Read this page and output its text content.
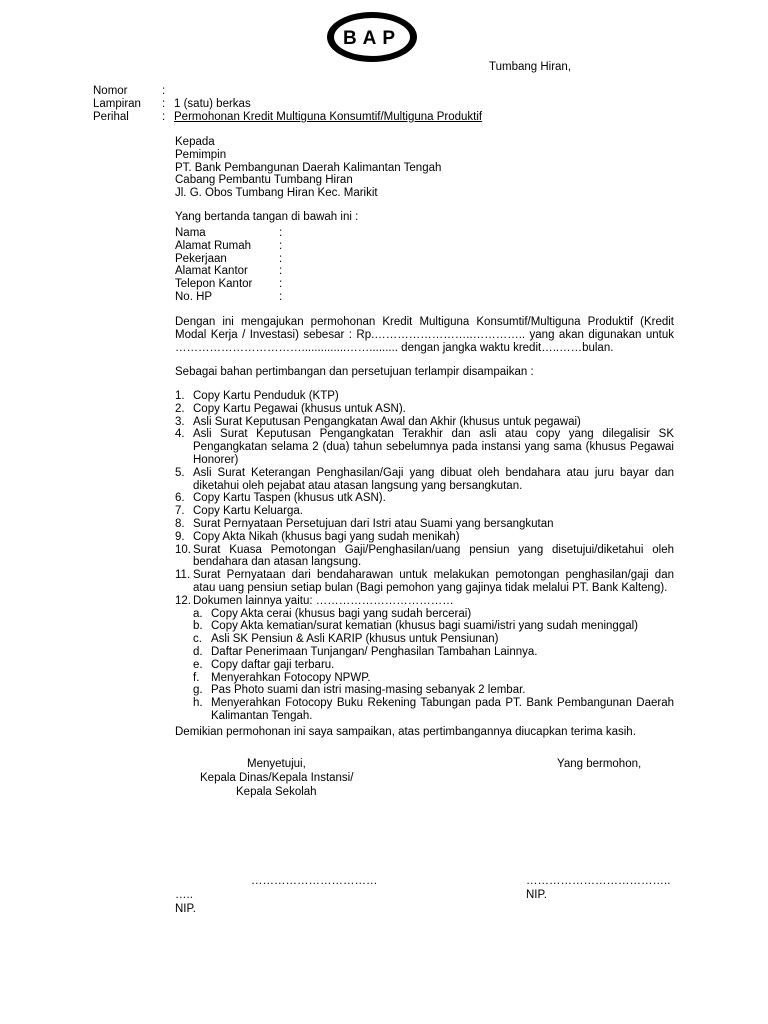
BAP
Tumbang Hiran,
Nomor	:
Lampiran : 1 (satu) berkas
Perihal	: Permohonan Kredit Multiguna Konsumtif/Multiguna Produktif
Kepada
Pemimpin
PT. Bank Pembangunan Daerah Kalimantan Tengah
Cabang Pembantu Tumbang Hiran
Jl. G. Obos Tumbang Hiran Kec. Marikit
Yang bertanda tangan di bawah ini :
Nama	:
Alamat Rumah :
Pekerjaan	:
Alamat Kantor	:
Telepon Kantor :
No. HP	:
Dengan ini mengajukan permohonan Kredit Multiguna Konsumtif/Multiguna Produktif (Kredit Modal Kerja / Investasi) sebesar : Rp.……………………..………….. yang akan digunakan untuk ……………………………..............……......... dengan jangka waktu kredit…..……bulan.
Sebagai bahan pertimbangan dan persetujuan terlampir disampaikan :
1. Copy Kartu Penduduk (KTP)
2. Copy Kartu Pegawai (khusus untuk ASN).
3. Asli Surat Keputusan Pengangkatan Awal dan Akhir (khusus untuk pegawai)
4. Asli Surat Keputusan Pengangkatan Terakhir dan asli atau copy yang dilegalisir SK Pengangkatan selama 2 (dua) tahun sebelumnya pada instansi yang sama (khusus Pegawai Honorer)
5. Asli Surat Keterangan Penghasilan/Gaji yang dibuat oleh bendahara atau juru bayar dan diketahui oleh pejabat atau atasan langsung yang bersangkutan.
6. Copy Kartu Taspen (khusus utk ASN).
7. Copy Kartu Keluarga.
8. Surat Pernyataan Persetujuan dari Istri atau Suami yang bersangkutan
9. Copy Akta Nikah (khusus bagi yang sudah menikah)
10. Surat Kuasa Pemotongan Gaji/Penghasilan/uang pensiun yang disetujui/diketahui oleh bendahara dan atasan langsung.
11. Surat Pernyataan dari bendaharawan untuk melakukan pemotongan penghasilan/gaji dan atau uang pensiun setiap bulan (Bagi pemohon yang gajinya tidak melalui PT. Bank Kalteng).
12. Dokumen lainnya yaitu: ………………………………
a. Copy Akta cerai (khusus bagi yang sudah bercerai)
b. Copy Akta kematian/surat kematian (khusus bagi suami/istri yang sudah meninggal)
c. Asli SK Pensiun & Asli KARIP (khusus untuk Pensiunan)
d. Daftar Penerimaan Tunjangan/ Penghasilan Tambahan Lainnya.
e. Copy daftar gaji terbaru.
f. Menyerahkan Fotocopy NPWP.
g. Pas Photo suami dan istri masing-masing sebanyak 2 lembar.
h. Menyerahkan Fotocopy Buku Rekening Tabungan pada PT. Bank Pembangunan Daerah Kalimantan Tengah.
Demikian permohonan ini saya sampaikan, atas pertimbangannya diucapkan terima kasih.
Menyetujui,
Kepala Dinas/Kepala Instansi/
Kepala Sekolah
Yang bermohon,
……………………………
…..
NIP.
………………………………..
NIP.
